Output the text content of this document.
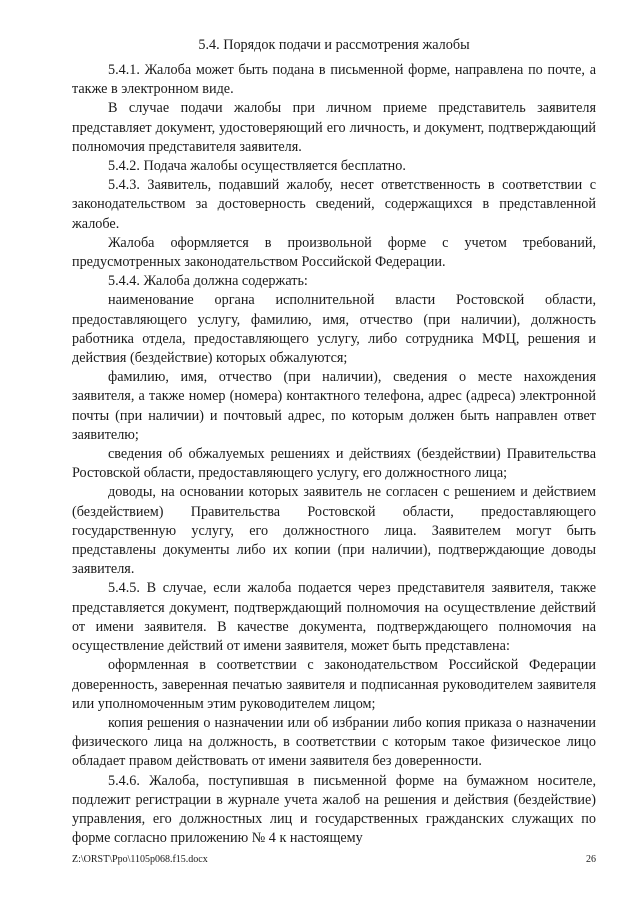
5.4. Порядок подачи и рассмотрения жалобы

5.4.1. Жалоба может быть подана в письменной форме, направлена по почте, а также в электронном виде.

В случае подачи жалобы при личном приеме представитель заявителя представляет документ, удостоверяющий его личность, и документ, подтверждающий полномочия представителя заявителя.

5.4.2. Подача жалобы осуществляется бесплатно.

5.4.3. Заявитель, подавший жалобу, несет ответственность в соответствии с законодательством за достоверность сведений, содержащихся в представленной жалобе.

Жалоба оформляется в произвольной форме с учетом требований, предусмотренных законодательством Российской Федерации.

5.4.4. Жалоба должна содержать:

наименование органа исполнительной власти Ростовской области, предоставляющего услугу, фамилию, имя, отчество (при наличии), должность работника отдела, предоставляющего услугу, либо сотрудника МФЦ, решения и действия (бездействие) которых обжалуются;

фамилию, имя, отчество (при наличии), сведения о месте нахождения заявителя, а также номер (номера) контактного телефона, адрес (адреса) электронной почты (при наличии) и почтовый адрес, по которым должен быть направлен ответ заявителю;

сведения об обжалуемых решениях и действиях (бездействии) Правительства Ростовской области, предоставляющего услугу, его должностного лица;

доводы, на основании которых заявитель не согласен с решением и действием (бездействием) Правительства Ростовской области, предоставляющего государственную услугу, его должностного лица. Заявителем могут быть представлены документы либо их копии (при наличии), подтверждающие доводы заявителя.

5.4.5. В случае, если жалоба подается через представителя заявителя, также представляется документ, подтверждающий полномочия на осуществление действий от имени заявителя. В качестве документа, подтверждающего полномочия на осуществление действий от имени заявителя, может быть представлена:

оформленная в соответствии с законодательством Российской Федерации доверенность, заверенная печатью заявителя и подписанная руководителем заявителя или уполномоченным этим руководителем лицом;

копия решения о назначении или об избрании либо копия приказа о назначении физического лица на должность, в соответствии с которым такое физическое лицо обладает правом действовать от имени заявителя без доверенности.

5.4.6. Жалоба, поступившая в письменной форме на бумажном носителе, подлежит регистрации в журнале учета жалоб на решения и действия (бездействие) управления, его должностных лиц и государственных гражданских служащих по форме согласно приложению № 4 к настоящему

Z:\ORST\Ppo\1105p068.f15.docx	26
